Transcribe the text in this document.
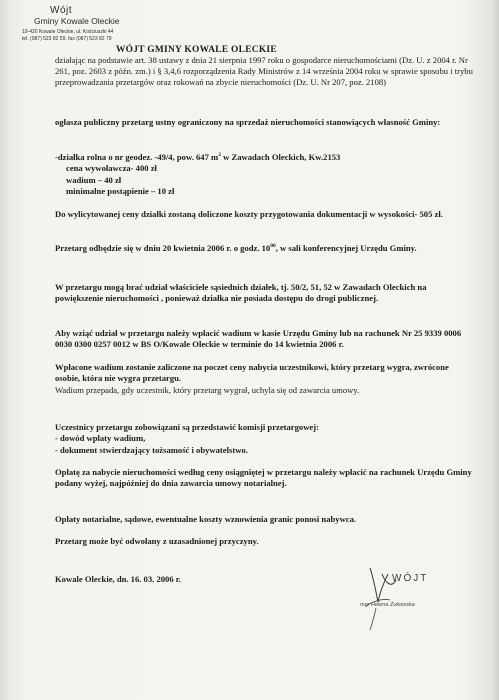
Wójt
Gminy Kowale Oleckie
19-420 Kowale Oleckie, ul. Kościuszki 44
tel. (087) 523 82 59, fax (087) 523 82 79
WÓJT GMINY KOWALE OLECKIE
działając na podstawie art. 38 ustawy z dnia 21 sierpnia 1997 roku o gospodarce nieruchomościami (Dz. U. z 2004 r. Nr 261, poz. 2603 z późn. zm.) i § 3,4,6 rozporządzenia Rady Ministrów z 14 września 2004 roku w sprawie sposobu i trybu przeprowadzania przetargów oraz rokowań na zbycie nieruchomości (Dz. U. Nr 207, poz. 2108)
ogłasza publiczny przetarg ustny ograniczony na sprzedaż nieruchomości stanowiących własność Gminy:
-działka rolna o nr geodez. -49/4, pow. 647 $m^2$ w Zawadach Oleckich, Kw.2153
cena wywoławcza- 400 zł
wadium – 40 zł
minimalne postąpienie – 10 zł
Do wylicytowanej ceny działki zostaną doliczone koszty przygotowania dokumentacji w wysokości- 505 zł.
Przetarg odbędzie się w dniu 20 kwietnia 2006 r. o godz. $10^{00}$, w sali konferencyjnej Urzędu Gminy.
W przetargu mogą brać udział właściciele sąsiednich działek, tj. 50/2, 51, 52 w Zawadach Oleckich na powiększenie nieruchomości , ponieważ działka nie posiada dostępu do drogi publicznej.
Aby wziąć udział w przetargu należy wpłacić wadium w kasie Urzędu Gminy lub na rachunek Nr 25 9339 0006 0030 0300 0257 0012 w BS O/Kowale Oleckie w terminie do 14 kwietnia 2006 r.
Wpłacone wadium zostanie zaliczone na poczet ceny nabycia uczestnikowi, który przetarg wygra, zwrócone osobie, która nie wygra przetargu.
Wadium przepada, gdy uczestnik, który przetarg wygrał, uchyla się od zawarcia umowy.
Uczestnicy przetargu zobowiązani są przedstawić komisji przetargowej:
- dowód wpłaty wadium,
- dokument stwierdzający tożsamość i obywatelstwo.
Opłatę za nabycie nieruchomości według ceny osiągniętej w przetargu należy wpłacić na rachunek Urzędu Gminy podany wyżej, najpóźniej do dnia zawarcia umowy notarialnej.
Opłaty notarialne, sądowe, ewentualne koszty wznowienia granic ponosi nabywca.
Przetarg może być odwołany z uzasadnionej przyczyny.
Kowale Oleckie, dn. 16. 03. 2006 r.	WÓJT
mgr Helena Żukowska
